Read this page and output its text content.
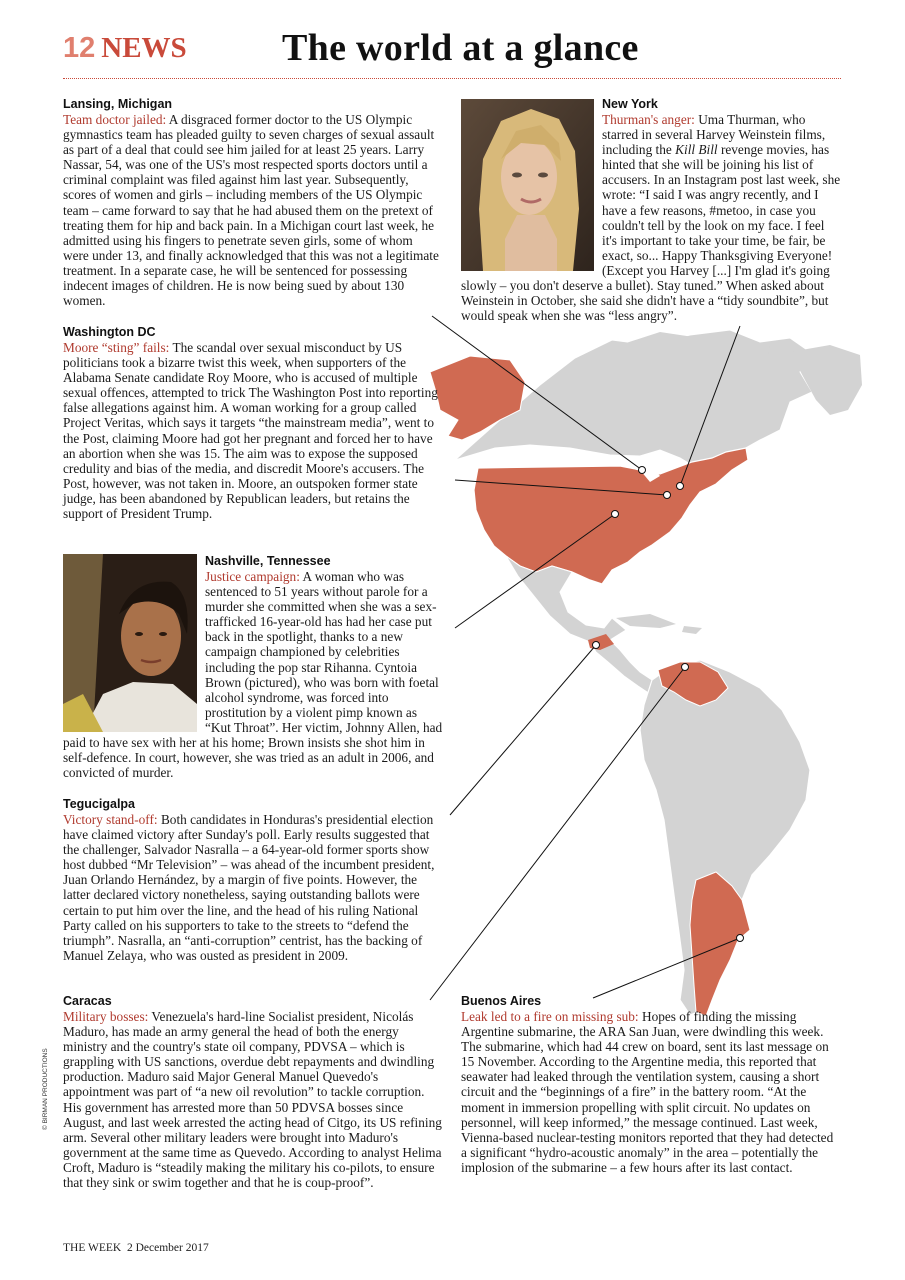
12 NEWS	The world at a glance
Lansing, Michigan

Team doctor jailed: A disgraced former doctor to the US Olympic gymnastics team has pleaded guilty to seven charges of sexual assault as part of a deal that could see him jailed for at least 25 years. Larry Nassar, 54, was one of the US's most respected sports doctors until a criminal complaint was filed against him last year. Subsequently, scores of women and girls – including members of the US Olympic team – came forward to say that he had abused them on the pretext of treating them for hip and back pain. In a Michigan court last week, he admitted using his fingers to penetrate seven girls, some of whom were under 13, and finally acknowledged that this was not a legitimate treatment. In a separate case, he will be sentenced for possessing indecent images of children. He is now being sued by about 130 women.

New York

Thurman's anger: Uma Thurman, who starred in several Harvey Weinstein films, including the Kill Bill revenge movies, has hinted that she will be joining his list of accusers. In an Instagram post last week, she wrote: “I said I was angry recently, and I have a few reasons, #metoo, in case you couldn't tell by the look on my face. I feel it's important to take your time, be fair, be exact, so... Happy Thanksgiving Everyone! (Except you Harvey [...] I'm glad it's going slowly – you don't deserve a bullet). Stay tuned.” When asked about Weinstein in October, she said she didn't have a “tidy soundbite”, but would speak when she was “less angry”.

Washington DC

Moore “sting” fails: The scandal over sexual misconduct by US politicians took a bizarre twist this week, when supporters of the Alabama Senate candidate Roy Moore, who is accused of multiple sexual offences, attempted to trick The Washington Post into reporting false allegations against him. A woman working for a group called Project Veritas, which says it targets “the mainstream media”, went to the Post, claiming Moore had got her pregnant and forced her to have an abortion when she was 15. The aim was to expose the supposed credulity and bias of the media, and discredit Moore's accusers. The Post, however, was not taken in. Moore, an outspoken former state judge, has been abandoned by Republican leaders, but retains the support of President Trump.

Nashville, Tennessee

Justice campaign: A woman who was sentenced to 51 years without parole for a murder she committed when she was a sex-trafficked 16-year-old has had her case put back in the spotlight, thanks to a new campaign championed by celebrities including the pop star Rihanna. Cyntoia Brown (pictured), who was born with foetal alcohol syndrome, was forced into prostitution by a violent pimp known as “Kut Throat”. Her victim, Johnny Allen, had paid to have sex with her at his home; Brown insists she shot him in self-defence. In court, however, she was tried as an adult in 2006, and convicted of murder.

Tegucigalpa

Victory stand-off: Both candidates in Honduras's presidential election have claimed victory after Sunday's poll. Early results suggested that the challenger, Salvador Nasralla – a 64-year-old former sports show host dubbed “Mr Television” – was ahead of the incumbent president, Juan Orlando Hernández, by a margin of five points. However, the latter declared victory nonetheless, saying outstanding ballots were certain to put him over the line, and the head of his ruling National Party called on his supporters to take to the streets to “defend the triumph”. Nasralla, an “anti-corruption” centrist, has the backing of Manuel Zelaya, who was ousted as president in 2009.

Caracas

Military bosses: Venezuela's hard-line Socialist president, Nicolás Maduro, has made an army general the head of both the energy ministry and the country's state oil company, PDVSA – which is grappling with US sanctions, overdue debt repayments and dwindling production. Maduro said Major General Manuel Quevedo's appointment was part of “a new oil revolution” to tackle corruption. His government has arrested more than 50 PDVSA bosses since August, and last week arrested the acting head of Citgo, its US refining arm. Several other military leaders were brought into Maduro's government at the same time as Quevedo. According to analyst Helima Croft, Maduro is “steadily making the military his co-pilots, to ensure that they sink or swim together and that he is coup-proof”.

Buenos Aires

Leak led to a fire on missing sub: Hopes of finding the missing Argentine submarine, the ARA San Juan, were dwindling this week. The submarine, which had 44 crew on board, sent its last message on 15 November. According to the Argentine media, this reported that seawater had leaked through the ventilation system, causing a short circuit and the “beginnings of a fire” in the battery room. “At the moment in immersion propelling with split circuit. No updates on personnel, will keep informed,” the message continued. Last week, Vienna-based nuclear-testing monitors reported that they had detected a significant “hydro-acoustic anomaly” in the area – potentially the implosion of the submarine – a few hours after its last contact.

© BIRMAN PRODUCTIONS
THE WEEK 2 December 2017
